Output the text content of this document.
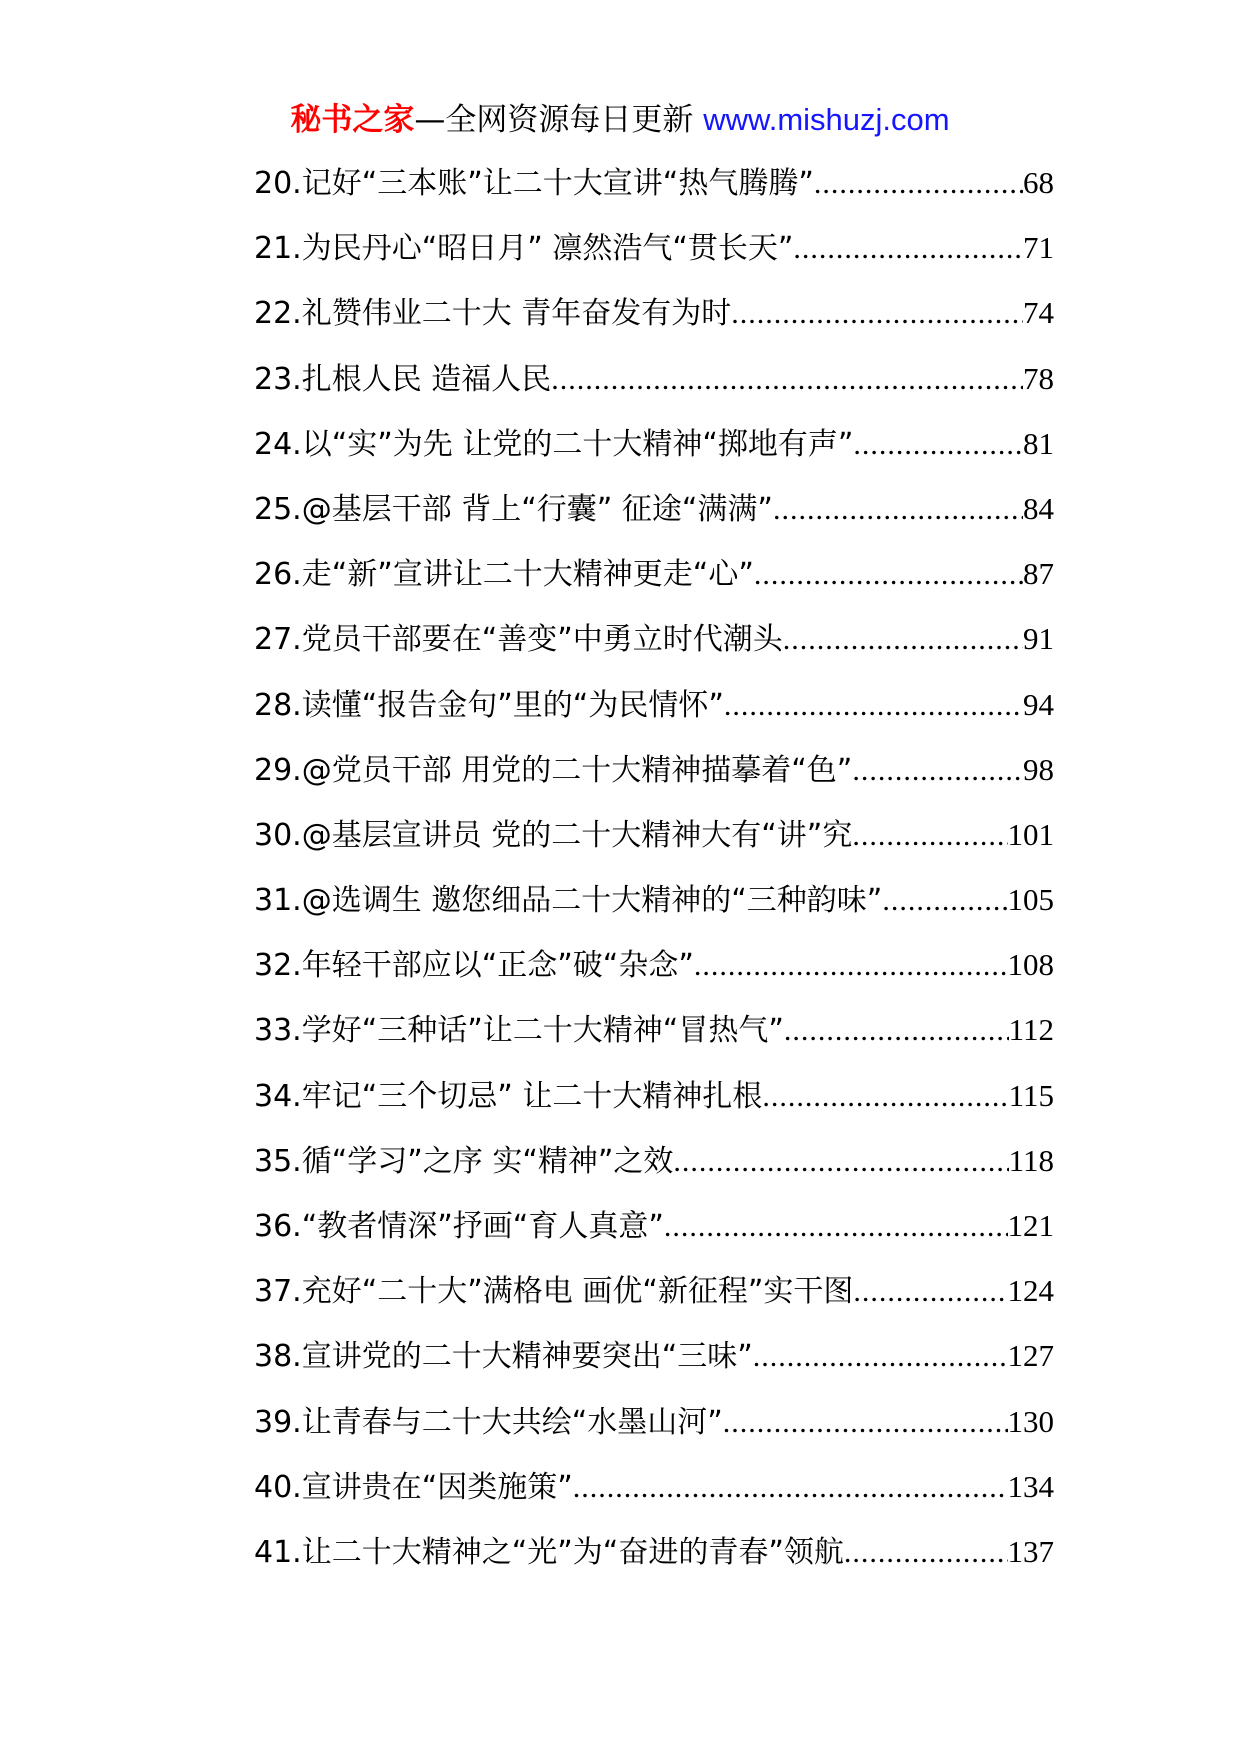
秘书之家—全网资源每日更新 www.mishuzj.com
20.记好“三本账”让二十大宣讲“热气腾腾” .....	68
21.为民丹心“昭日月” 凛然浩气“贯长天” .....	71
22.礼赞伟业二十大 青年奋发有为时 .....	74
23.扎根人民 造福人民 .....	78
24.以“实”为先 让党的二十大精神“掷地有声” .....	81
25.@基层干部 背上“行囊” 征途“满满” .....	84
26.走“新”宣讲让二十大精神更走“心” .....	87
27.党员干部要在“善变”中勇立时代潮头 .....	91
28.读懂“报告金句”里的“为民情怀” .....	94
29.@党员干部 用党的二十大精神描摹着“色” .....	98
30.@基层宣讲员 党的二十大精神大有“讲”究 .....	101
31.@选调生 邀您细品二十大精神的“三种韵味” .....	105
32.年轻干部应以“正念”破“杂念” .....	108
33.学好“三种话”让二十大精神“冒热气” .....	112
34.牢记“三个切忌” 让二十大精神扎根 .....	115
35.循“学习”之序 实“精神”之效 .....	118
36.“教者情深”抒画“育人真意” .....	121
37.充好“二十大”满格电 画优“新征程”实干图 .....	124
38.宣讲党的二十大精神要突出“三味” .....	127
39.让青春与二十大共绘“水墨山河” .....	130
40.宣讲贵在“因类施策” .....	134
41.让二十大精神之“光”为“奋进的青春”领航 .....	137
